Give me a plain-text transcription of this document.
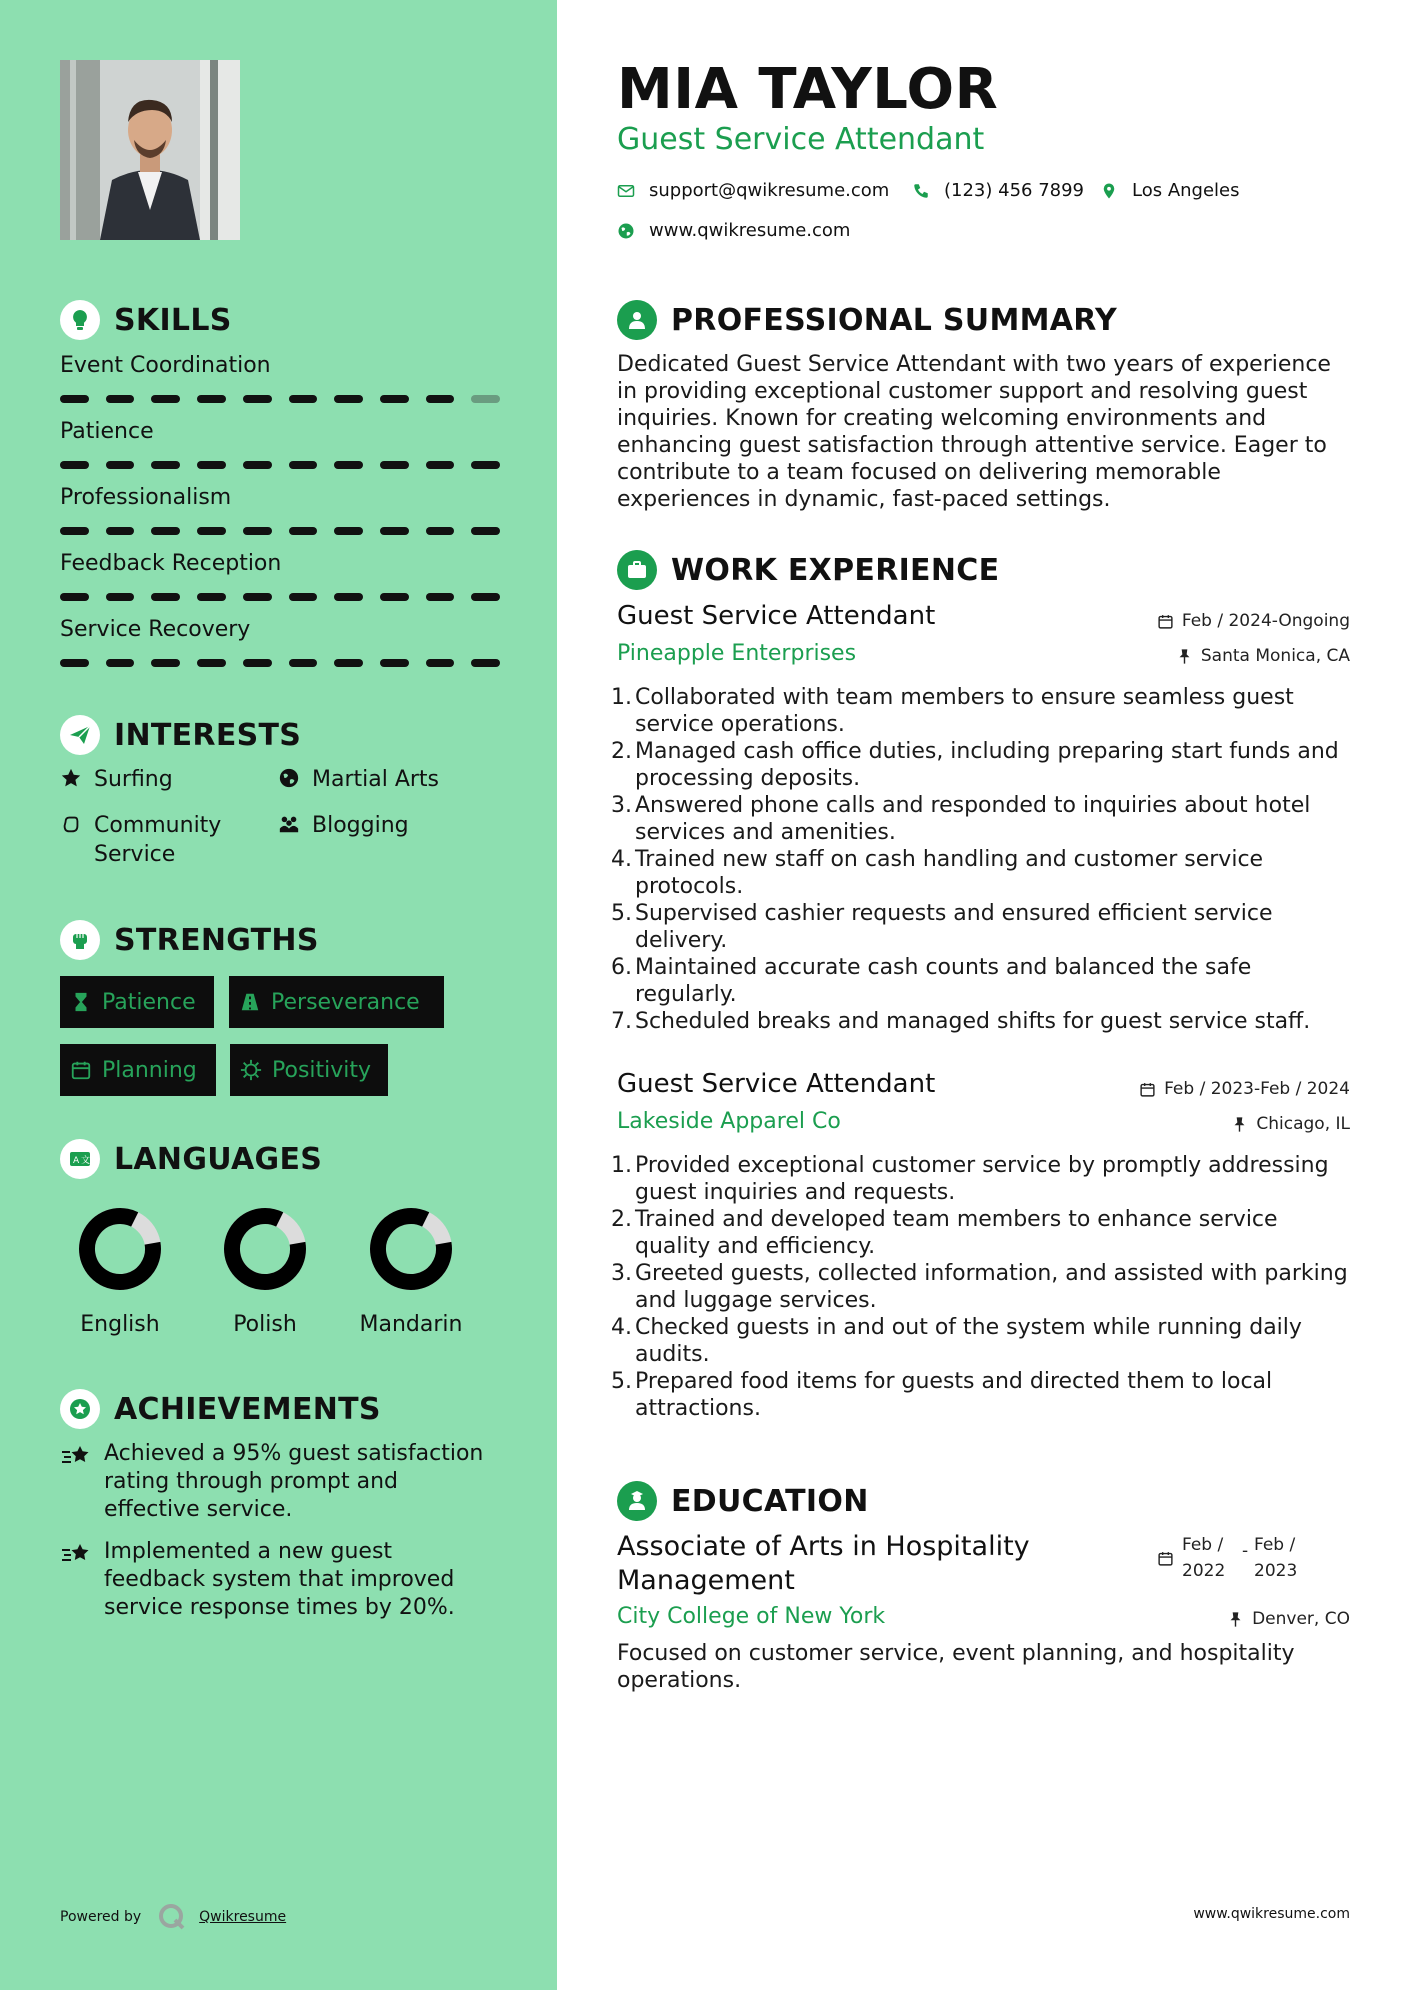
SKILLS
Event Coordination
Patience
Professionalism
Feedback Reception
Service Recovery
INTERESTS
Surfing	Martial Arts
Community Service
Blogging
STRENGTHS
Patience	Perseverance
Planning	Positivity
A 文 LANGUAGES
English	Polish	Mandarin
ACHIEVEMENTS
Achieved a 95% guest satisfaction rating through prompt and effective service.
Implemented a new guest feedback system that improved service response times by 20%.
Powered by	Qwikresume
MIA TAYLOR
Guest Service Attendant
support@qwikresume.com	(123) 456 7899	Los Angeles
www.qwikresume.com
PROFESSIONAL SUMMARY
Dedicated Guest Service Attendant with two years of experience in providing exceptional customer support and resolving guest inquiries. Known for creating welcoming environments and enhancing guest satisfaction through attentive service. Eager to contribute to a team focused on delivering memorable experiences in dynamic, fast-paced settings.
WORK EXPERIENCE
Guest Service Attendant	Feb / 2024-Ongoing
Pineapple Enterprises	Santa Monica, CA
1. Collaborated with team members to ensure seamless guest service operations.
2. Managed cash office duties, including preparing start funds and processing deposits.
3. Answered phone calls and responded to inquiries about hotel services and amenities.
4. Trained new staff on cash handling and customer service protocols.
5. Supervised cashier requests and ensured efficient service delivery.
6. Maintained accurate cash counts and balanced the safe regularly.
7. Scheduled breaks and managed shifts for guest service staff.
Guest Service Attendant	Feb / 2023-Feb / 2024
Lakeside Apparel Co	Chicago, IL
1. Provided exceptional customer service by promptly addressing guest inquiries and requests.
2. Trained and developed team members to enhance service quality and efficiency.
3. Greeted guests, collected information, and assisted with parking and luggage services.
4. Checked guests in and out of the system while running daily audits.
5. Prepared food items for guests and directed them to local attractions.
EDUCATION
Associate of Arts in Hospitality Management
Feb /
2022
- Feb /
2023
City College of New York	Denver, CO
Focused on customer service, event planning, and hospitality operations.
www.qwikresume.com
